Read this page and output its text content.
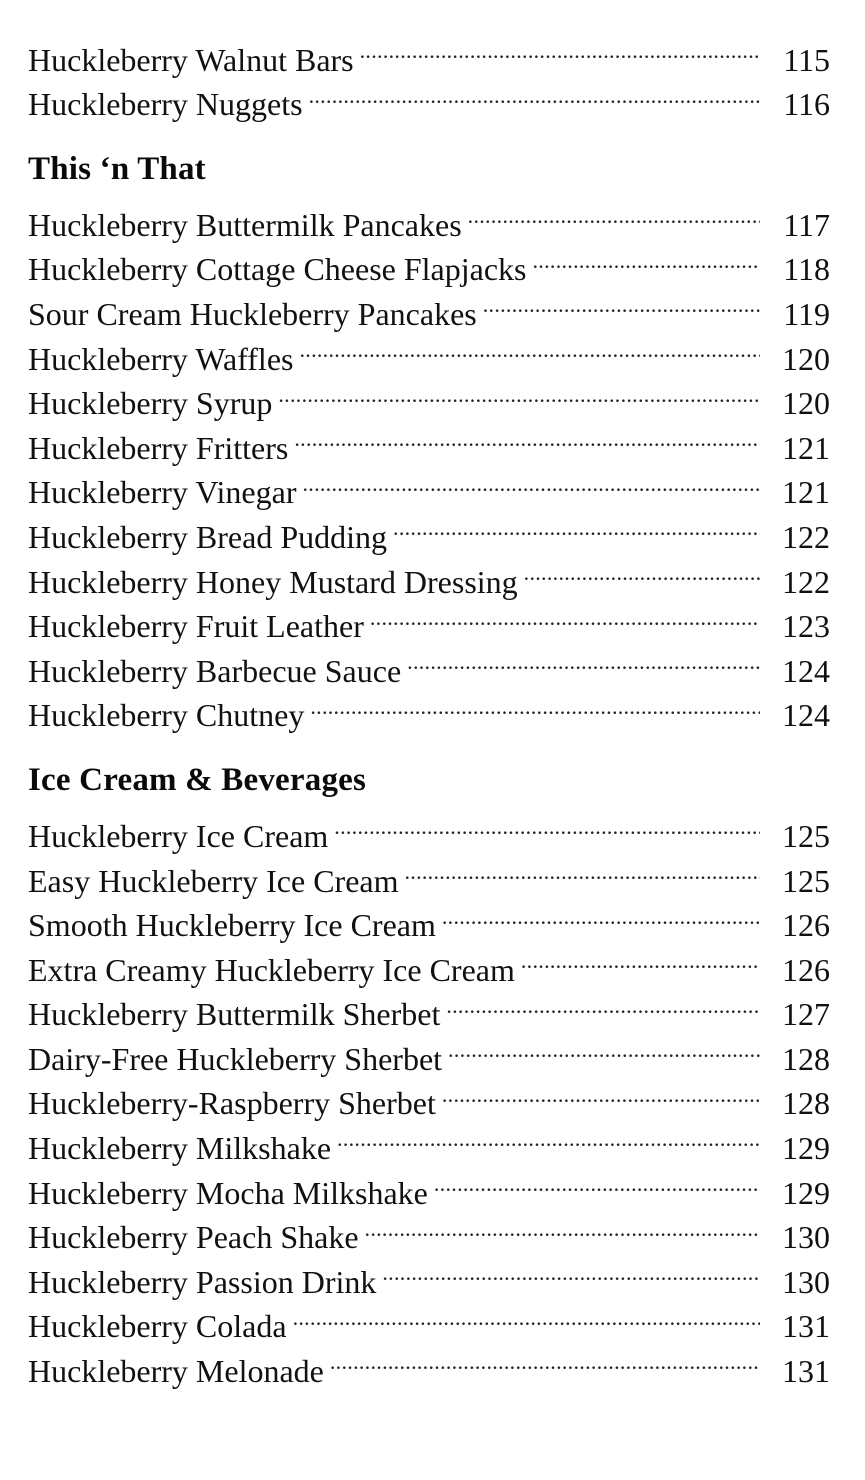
Huckleberry Walnut Bars . . .	115
Huckleberry Nuggets . . .	116
This ‘n That
Huckleberry Buttermilk Pancakes . . .	117
Huckleberry Cottage Cheese Flapjacks . . .	118
Sour Cream Huckleberry Pancakes . . .	119
Huckleberry Waffles . . .	120
Huckleberry Syrup . . .	120
Huckleberry Fritters . . .	121
Huckleberry Vinegar . . .	121
Huckleberry Bread Pudding . . .	122
Huckleberry Honey Mustard Dressing . . .	122
Huckleberry Fruit Leather . . .	123
Huckleberry Barbecue Sauce . . .	124
Huckleberry Chutney . . .	124
Ice Cream & Beverages
Huckleberry Ice Cream . . .	125
Easy Huckleberry Ice Cream . . .	125
Smooth Huckleberry Ice Cream . . .	126
Extra Creamy Huckleberry Ice Cream . . .	126
Huckleberry Buttermilk Sherbet . . .	127
Dairy-Free Huckleberry Sherbet . . .	128
Huckleberry-Raspberry Sherbet . . .	128
Huckleberry Milkshake . . .	129
Huckleberry Mocha Milkshake . . .	129
Huckleberry Peach Shake . . .	130
Huckleberry Passion Drink . . .	130
Huckleberry Colada . . .	131
Huckleberry Melonade . . .	131
